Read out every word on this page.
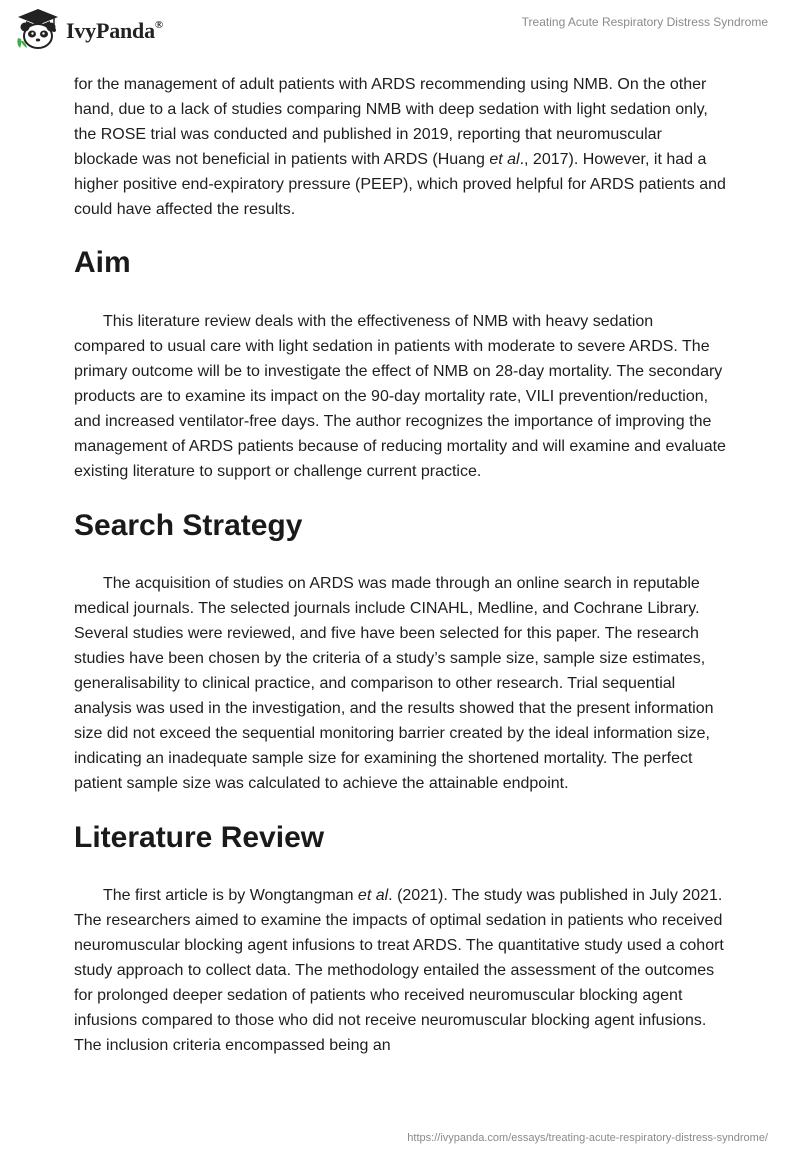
IvyPanda®	Treating Acute Respiratory Distress Syndrome

for the management of adult patients with ARDS recommending using NMB. On the other hand, due to a lack of studies comparing NMB with deep sedation with light sedation only, the ROSE trial was conducted and published in 2019, reporting that neuromuscular blockade was not beneficial in patients with ARDS (Huang et al., 2017). However, it had a higher positive end-expiratory pressure (PEEP), which proved helpful for ARDS patients and could have affected the results.

Aim

This literature review deals with the effectiveness of NMB with heavy sedation compared to usual care with light sedation in patients with moderate to severe ARDS. The primary outcome will be to investigate the effect of NMB on 28-day mortality. The secondary products are to examine its impact on the 90-day mortality rate, VILI prevention/reduction, and increased ventilator-free days. The author recognizes the importance of improving the management of ARDS patients because of reducing mortality and will examine and evaluate existing literature to support or challenge current practice.

Search Strategy

The acquisition of studies on ARDS was made through an online search in reputable medical journals. The selected journals include CINAHL, Medline, and Cochrane Library. Several studies were reviewed, and five have been selected for this paper. The research studies have been chosen by the criteria of a study’s sample size, sample size estimates, generalisability to clinical practice, and comparison to other research. Trial sequential analysis was used in the investigation, and the results showed that the present information size did not exceed the sequential monitoring barrier created by the ideal information size, indicating an inadequate sample size for examining the shortened mortality. The perfect patient sample size was calculated to achieve the attainable endpoint.

Literature Review

The first article is by Wongtangman et al. (2021). The study was published in July 2021. The researchers aimed to examine the impacts of optimal sedation in patients who received neuromuscular blocking agent infusions to treat ARDS. The quantitative study used a cohort study approach to collect data. The methodology entailed the assessment of the outcomes for prolonged deeper sedation of patients who received neuromuscular blocking agent infusions compared to those who did not receive neuromuscular blocking agent infusions. The inclusion criteria encompassed being an

https://ivypanda.com/essays/treating-acute-respiratory-distress-syndrome/
